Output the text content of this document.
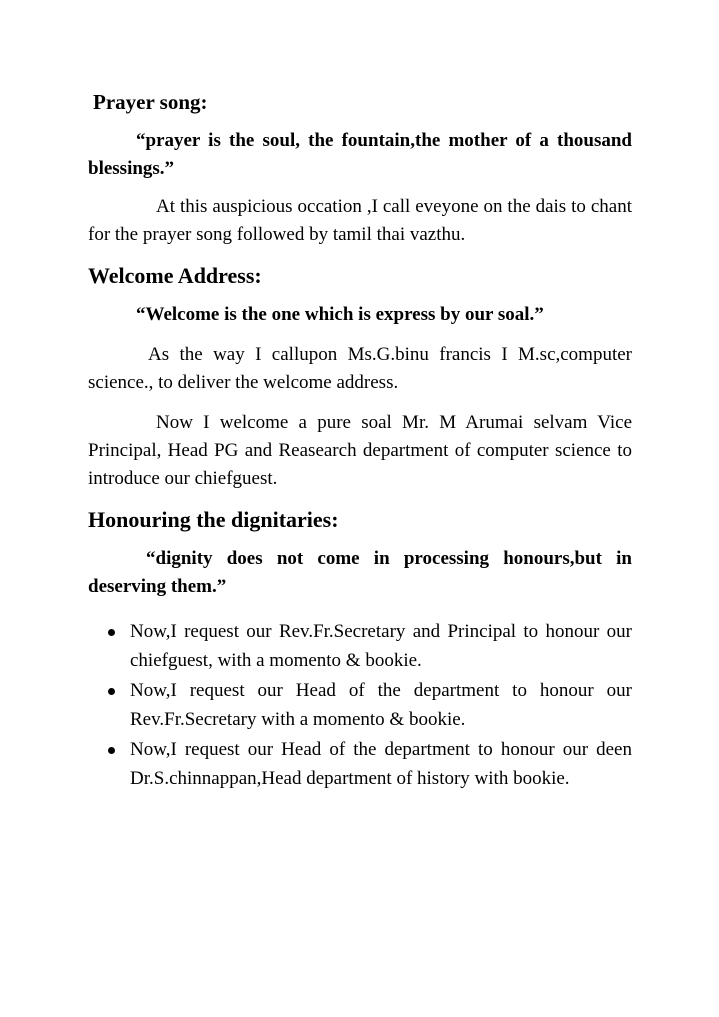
Prayer song:

“prayer is the soul, the fountain,the mother of a thousand blessings.”

At this auspicious occation ,I call eveyone on the dais to chant for the prayer song followed by tamil thai vazthu.

Welcome Address:

“Welcome is the one which is express by our soal.”

As the way I callupon Ms.G.binu francis I M.sc,computer science., to deliver the welcome address.

Now I welcome a pure soal Mr. M Arumai selvam Vice Principal, Head PG and Reasearch department of computer science to introduce our chiefguest.

Honouring the dignitaries:

“dignity does not come in processing honours,but in deserving them.”

Now,I request our Rev.Fr.Secretary and Principal to honour our chiefguest, with a momento & bookie.
Now,I request our Head of the department to honour our Rev.Fr.Secretary with a momento & bookie.
Now,I request our Head of the department to honour our deen Dr.S.chinnappan,Head department of history with bookie.
